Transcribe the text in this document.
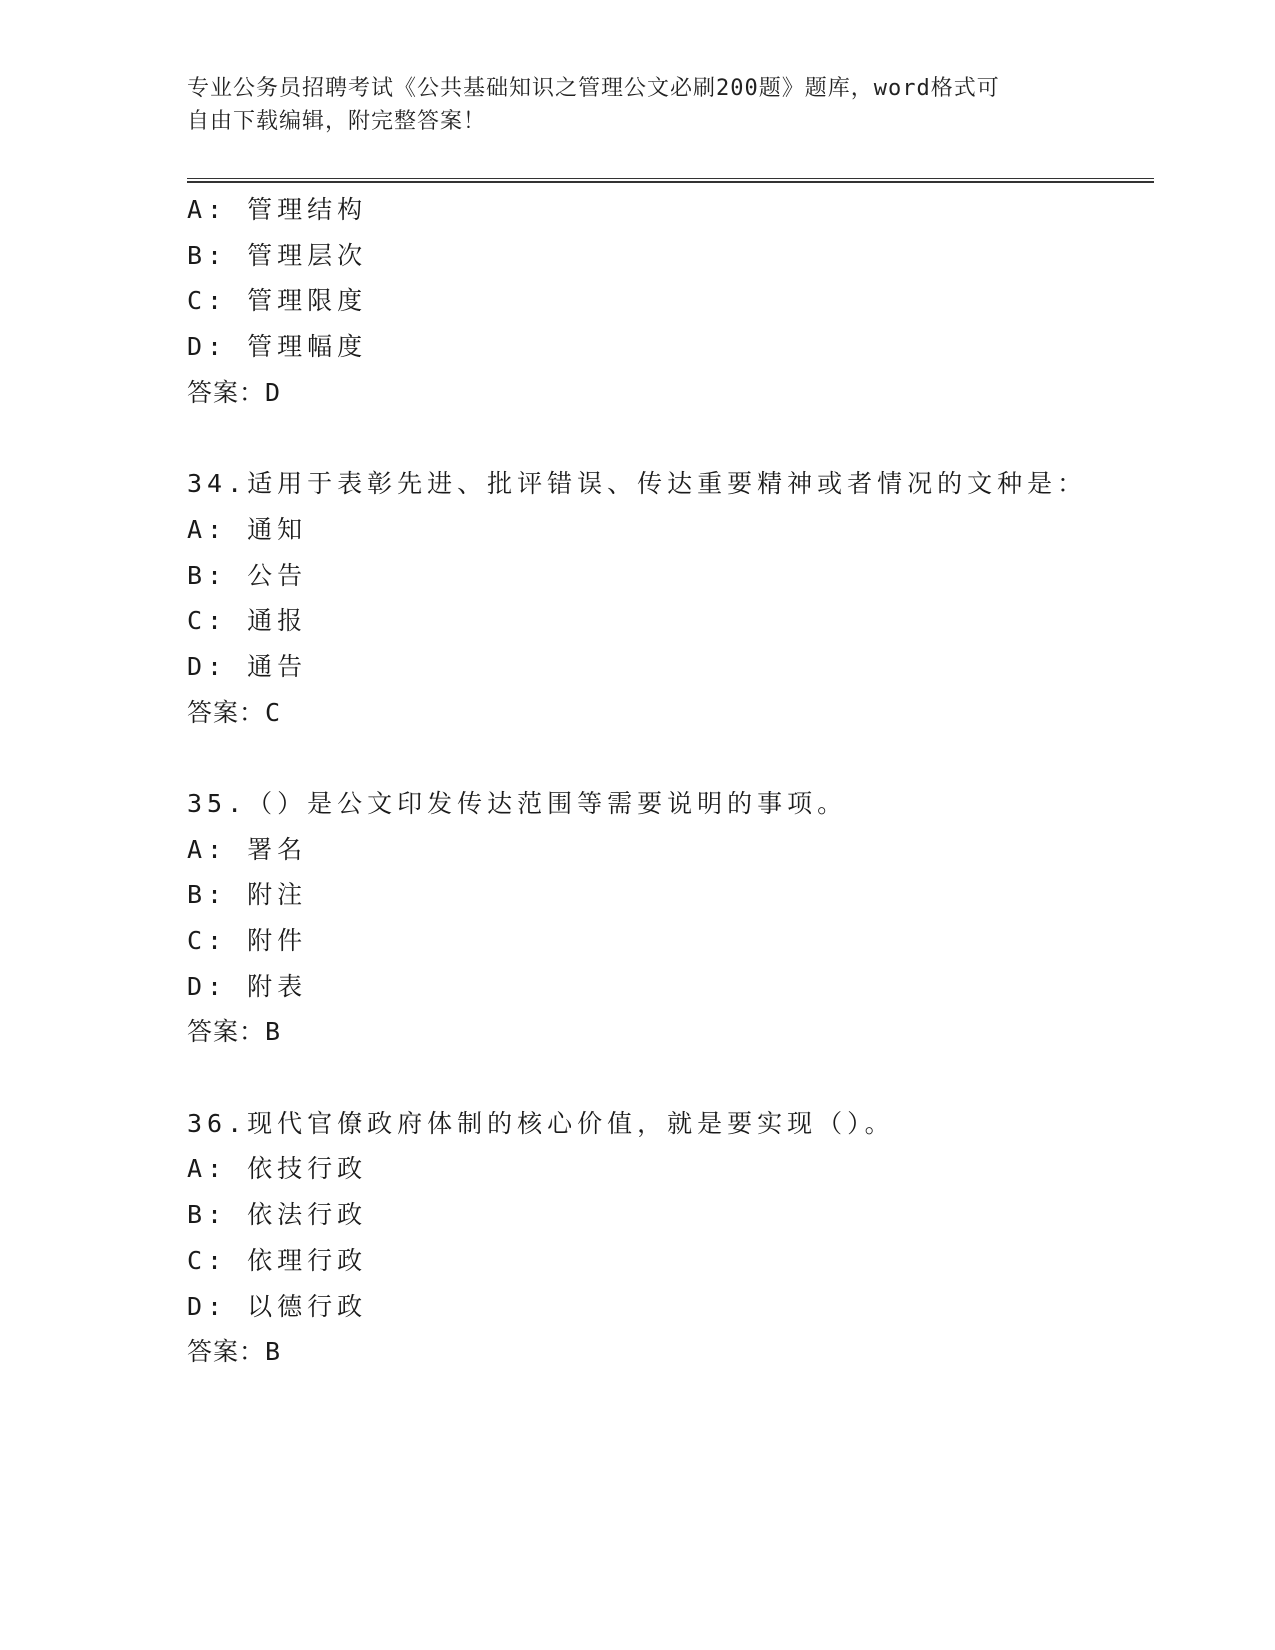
专业公务员招聘考试《公共基础知识之管理公文必刷200题》题库，word格式可
自由下载编辑，附完整答案！
A: 管理结构
B: 管理层次
C: 管理限度
D: 管理幅度
答案：D
34.适用于表彰先进、批评错误、传达重要精神或者情况的文种是：
A: 通知
B: 公告
C: 通报
D: 通告
答案：C
35.（）是公文印发传达范围等需要说明的事项。
A: 署名
B: 附注
C: 附件
D: 附表
答案：B
36.现代官僚政府体制的核心价值，就是要实现（）。
A: 依技行政
B: 依法行政
C: 依理行政
D: 以德行政
答案：B
